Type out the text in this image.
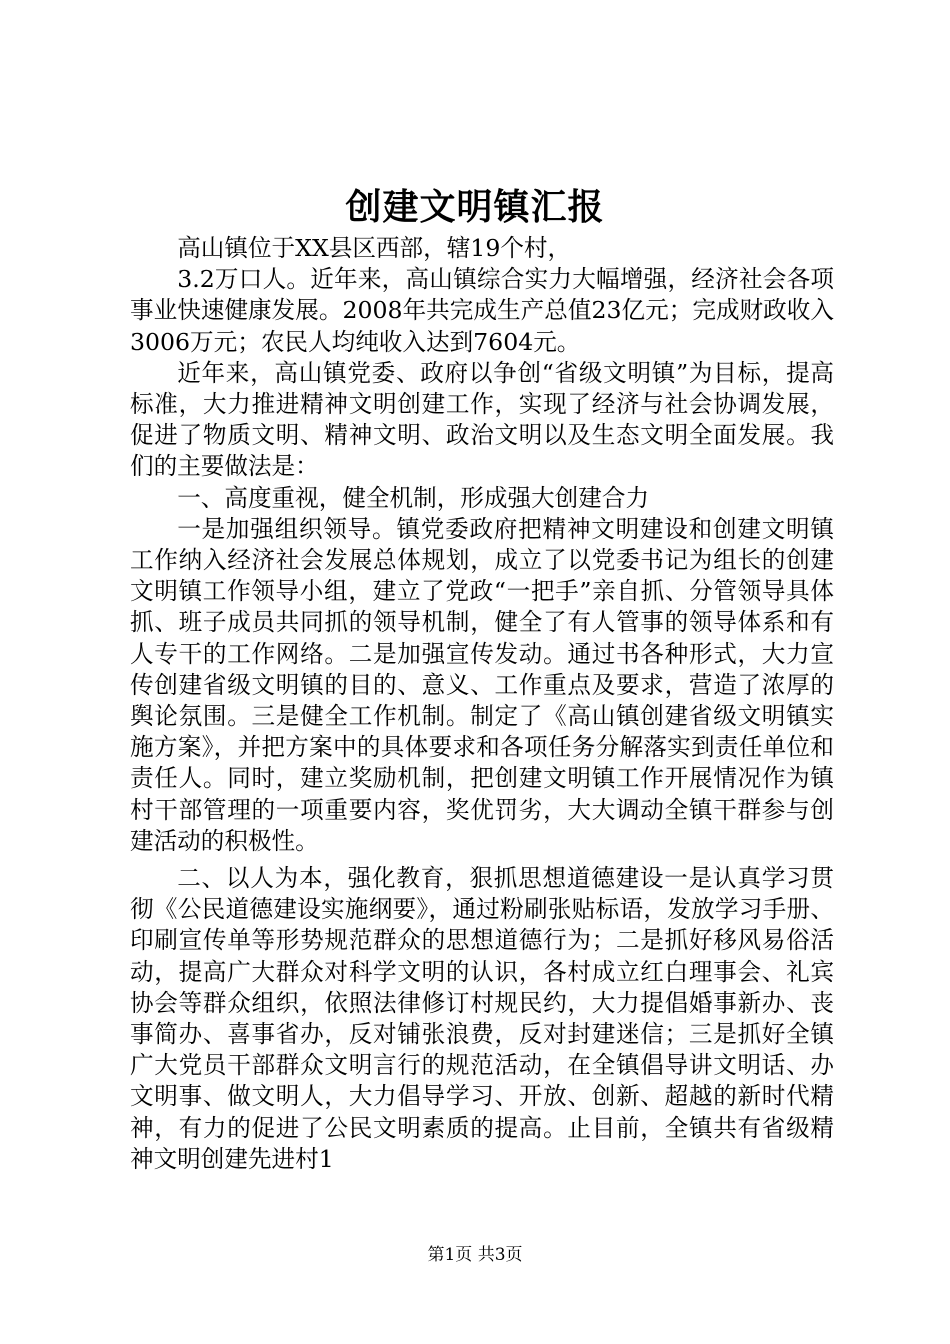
创建文明镇汇报

高山镇位于XX县区西部，辖19个村，

3.2万口人。近年来，高山镇综合实力大幅增强，经济社会各项事业快速健康发展。2008年共完成生产总值23亿元；完成财政收入3006万元；农民人均纯收入达到7604元。

近年来，高山镇党委、政府以争创“省级文明镇”为目标，提高标准，大力推进精神文明创建工作，实现了经济与社会协调发展，促进了物质文明、精神文明、政治文明以及生态文明全面发展。我们的主要做法是：

一、高度重视，健全机制，形成强大创建合力

一是加强组织领导。镇党委政府把精神文明建设和创建文明镇工作纳入经济社会发展总体规划，成立了以党委书记为组长的创建文明镇工作领导小组，建立了党政“一把手”亲自抓、分管领导具体抓、班子成员共同抓的领导机制，健全了有人管事的领导体系和有人专干的工作网络。二是加强宣传发动。通过书各种形式，大力宣传创建省级文明镇的目的、意义、工作重点及要求，营造了浓厚的舆论氛围。三是健全工作机制。制定了《高山镇创建省级文明镇实施方案》，并把方案中的具体要求和各项任务分解落实到责任单位和责任人。同时，建立奖励机制，把创建文明镇工作开展情况作为镇村干部管理的一项重要内容，奖优罚劣，大大调动全镇干群参与创建活动的积极性。

二、以人为本，强化教育，狠抓思想道德建设一是认真学习贯彻《公民道德建设实施纲要》，通过粉刷张贴标语，发放学习手册、印刷宣传单等形势规范群众的思想道德行为；二是抓好移风易俗活动，提高广大群众对科学文明的认识，各村成立红白理事会、礼宾协会等群众组织，依照法律修订村规民约，大力提倡婚事新办、丧事简办、喜事省办，反对铺张浪费，反对封建迷信；三是抓好全镇广大党员干部群众文明言行的规范活动，在全镇倡导讲文明话、办文明事、做文明人，大力倡导学习、开放、创新、超越的新时代精神，有力的促进了公民文明素质的提高。止目前，全镇共有省级精神文明创建先进村1

第1页 共3页
